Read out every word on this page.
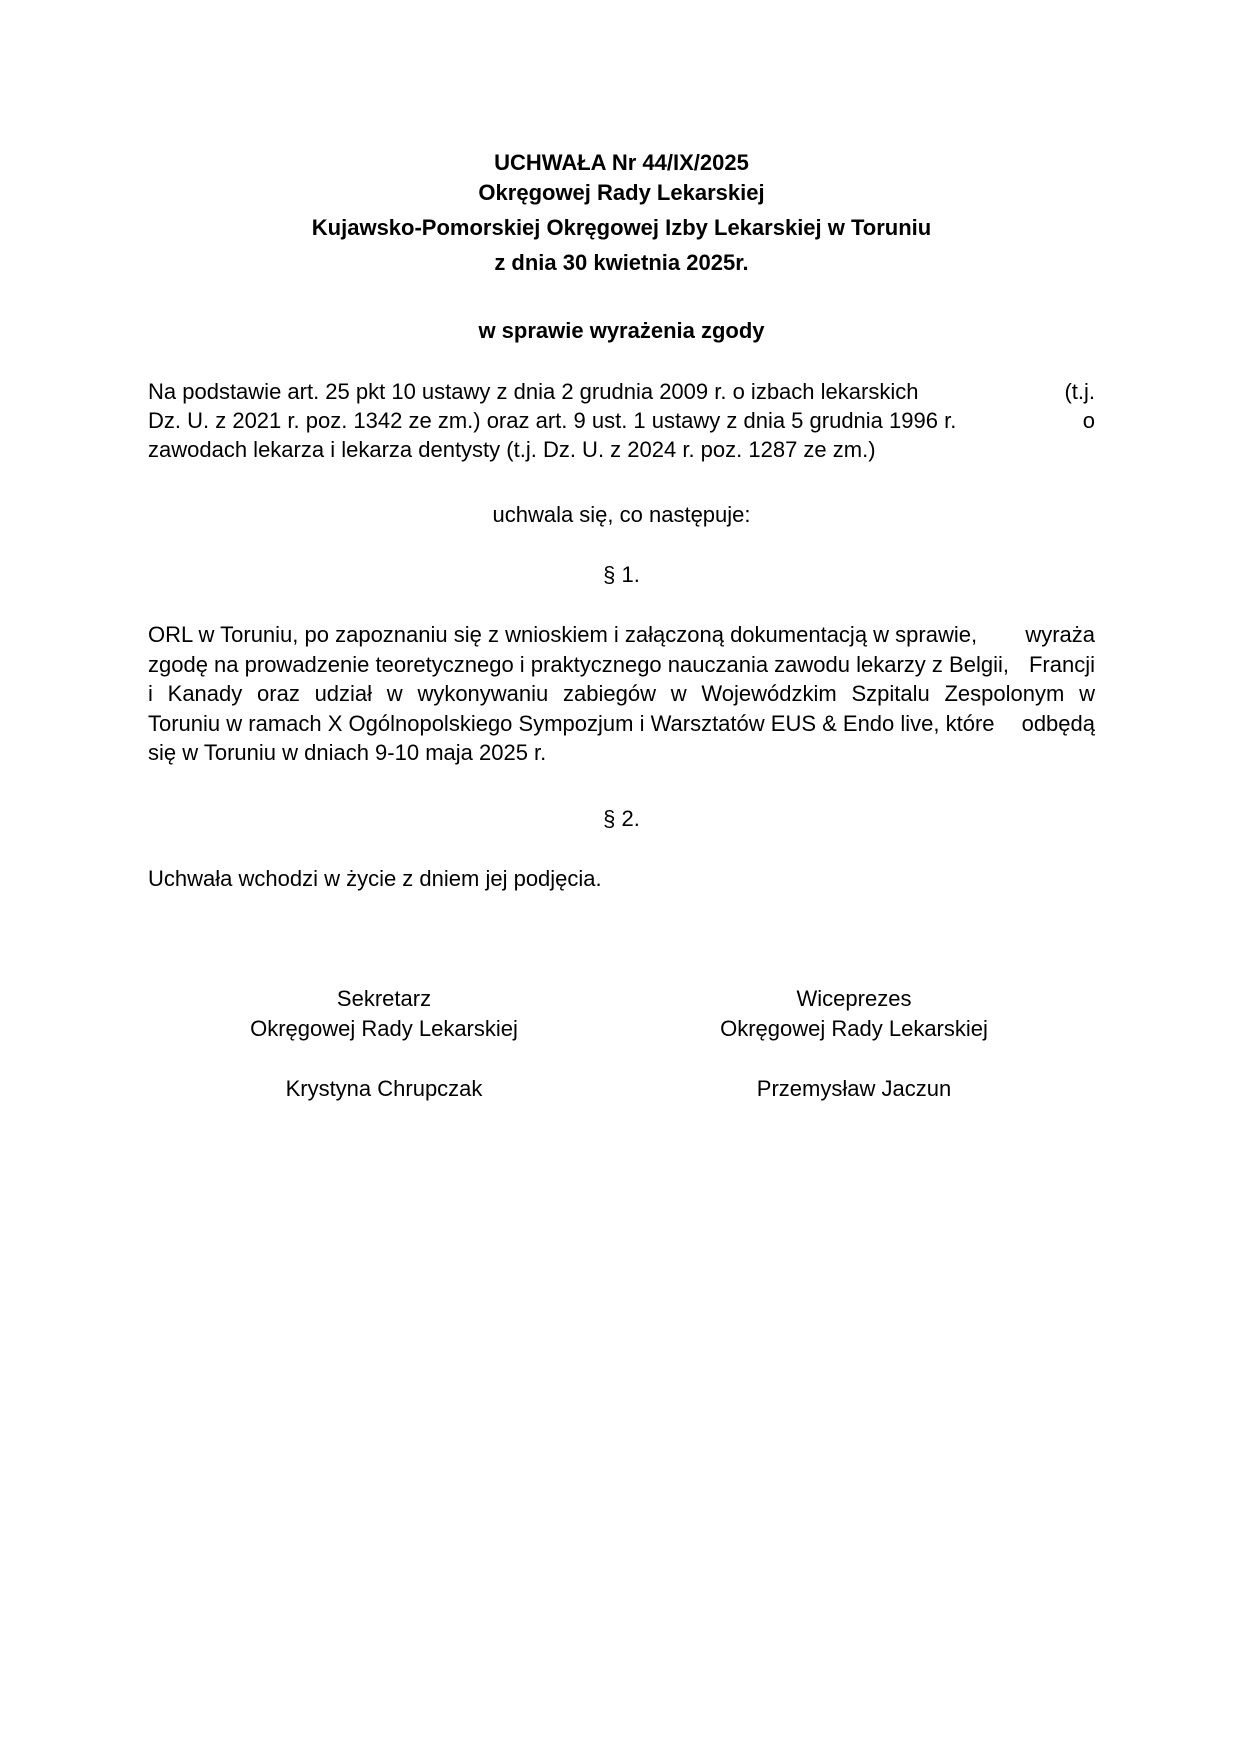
UCHWAŁA Nr 44/IX/2025
Okręgowej Rady Lekarskiej
Kujawsko-Pomorskiej Okręgowej Izby Lekarskiej w Toruniu
z dnia 30 kwietnia 2025r.
w sprawie wyrażenia zgody
Na podstawie art. 25 pkt 10 ustawy z dnia 2 grudnia 2009 r. o izbach lekarskich	(t.j.
Dz. U. z 2021 r. poz. 1342 ze zm.) oraz art. 9 ust. 1 ustawy z dnia 5 grudnia 1996 r.	o
zawodach lekarza i lekarza dentysty (t.j. Dz. U. z 2024 r. poz. 1287 ze zm.)
uchwala się, co następuje:
§ 1.
ORL w Toruniu, po zapoznaniu się z wnioskiem i załączoną dokumentacją w sprawie, wyraża
zgodę na prowadzenie teoretycznego i praktycznego nauczania zawodu lekarzy z Belgii, Francji
i Kanady oraz udział w wykonywaniu zabiegów w Wojewódzkim Szpitalu Zespolonym w
Toruniu w ramach X Ogólnopolskiego Sympozjum i Warsztatów EUS & Endo live, które odbędą
się w Toruniu w dniach 9-10 maja 2025 r.
§ 2.
Uchwała wchodzi w życie z dniem jej podjęcia.
Sekretarz
Okręgowej Rady Lekarskiej
Krystyna Chrupczak
Wiceprezes
Okręgowej Rady Lekarskiej
Przemysław Jaczun
